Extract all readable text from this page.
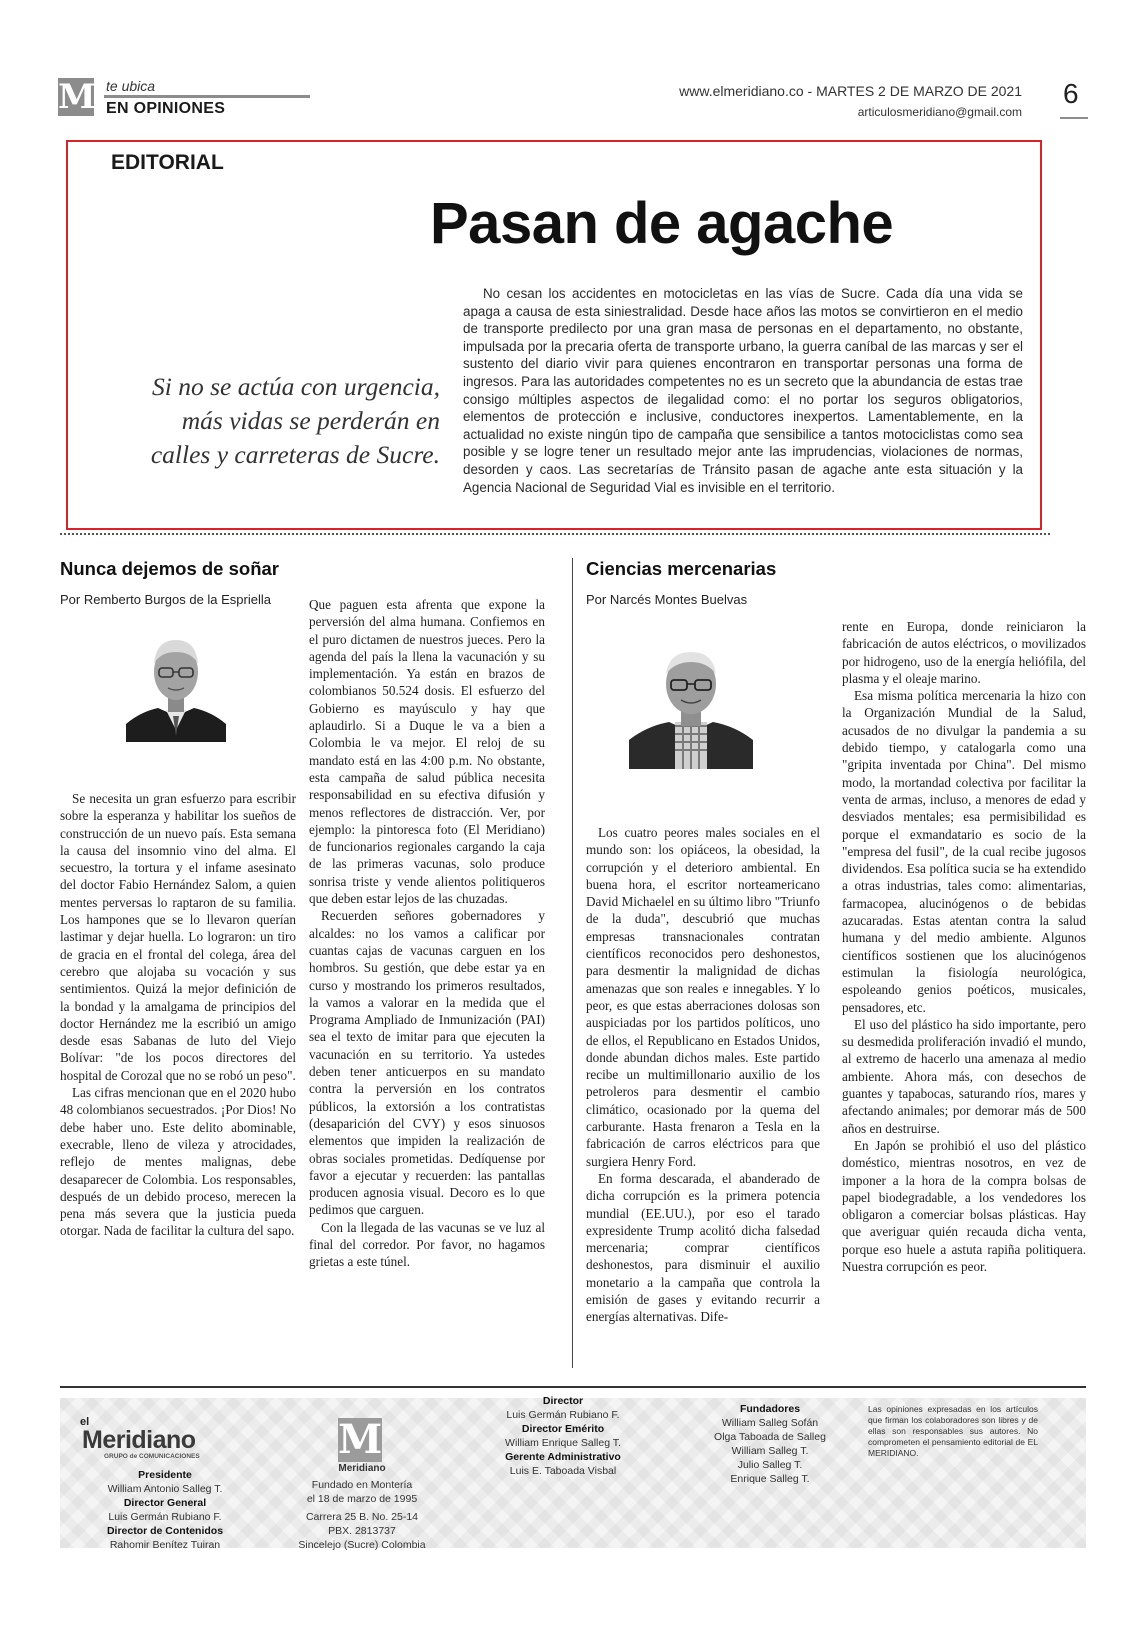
M te ubica
EN OPINIONES
www.elmeridiano.co - MARTES 2 DE MARZO DE 2021
articulosmeridiano@gmail.com
6
EDITORIAL
Pasan de agache
Si no se actúa con urgencia, más vidas se perderán en calles y carreteras de Sucre.
No cesan los accidentes en motocicletas en las vías de Sucre. Cada día una vida se apaga a causa de esta siniestralidad. Desde hace años las motos se convirtieron en el medio de transporte predilecto por una gran masa de personas en el departamento, no obstante, impulsada por la precaria oferta de transporte urbano, la guerra caníbal de las marcas y ser el sustento del diario vivir para quienes encontraron en transportar personas una forma de ingresos. Para las autoridades competentes no es un secreto que la abundancia de estas trae consigo múltiples aspectos de ilegalidad como: el no portar los seguros obligatorios, elementos de protección e inclusive, conductores inexpertos. Lamentablemente, en la actualidad no existe ningún tipo de campaña que sensibilice a tantos motociclistas como sea posible y se logre tener un resultado mejor ante las imprudencias, violaciones de normas, desorden y caos. Las secretarías de Tránsito pasan de agache ante esta situación y la Agencia Nacional de Seguridad Vial es invisible en el territorio.
Nunca dejemos de soñar
Por Remberto Burgos de la Espriella

Se necesita un gran esfuerzo para escribir sobre la esperanza y habilitar los sueños de construcción de un nuevo país. Esta semana la causa del insomnio vino del alma. El secuestro, la tortura y el infame asesinato del doctor Fabio Hernández Salom, a quien mentes perversas lo raptaron de su familia. Los hampones que se lo llevaron querían lastimar y dejar huella. Lo lograron: un tiro de gracia en el frontal del colega, área del cerebro que alojaba su vocación y sus sentimientos. Quizá la mejor definición de la bondad y la amalgama de principios del doctor Hernández me la escribió un amigo desde esas Sabanas de luto del Viejo Bolívar: "de los pocos directores del hospital de Corozal que no se robó un peso".

Las cifras mencionan que en el 2020 hubo 48 colombianos secuestrados. ¡Por Dios! No debe haber uno. Este delito abominable, execrable, lleno de vileza y atrocidades, reflejo de mentes malignas, debe desaparecer de Colombia. Los responsables, después de un debido proceso, merecen la pena más severa que la justicia pueda otorgar. Nada de facilitar la cultura del sapo.

Que paguen esta afrenta que expone la perversión del alma humana. Confiemos en el puro dictamen de nuestros jueces. Pero la agenda del país la llena la vacunación y su implementación. Ya están en brazos de colombianos 50.524 dosis. El esfuerzo del Gobierno es mayúsculo y hay que aplaudirlo. Si a Duque le va a bien a Colombia le va mejor. El reloj de su mandato está en las 4:00 p.m. No obstante, esta campaña de salud pública necesita responsabilidad en su efectiva difusión y menos reflectores de distracción. Ver, por ejemplo: la pintoresca foto (El Meridiano) de funcionarios regionales cargando la caja de las primeras vacunas, solo produce sonrisa triste y vende alientos politiqueros que deben estar lejos de las chuzadas.

Recuerden señores gobernadores y alcaldes: no los vamos a calificar por cuantas cajas de vacunas carguen en los hombros. Su gestión, que debe estar ya en curso y mostrando los primeros resultados, la vamos a valorar en la medida que el Programa Ampliado de Inmunización (PAI) sea el texto de imitar para que ejecuten la vacunación en su territorio. Ya ustedes deben tener anticuerpos en su mandato contra la perversión en los contratos públicos, la extorsión a los contratistas (desaparición del CVY) y esos sinuosos elementos que impiden la realización de obras sociales prometidas. Dedíquense por favor a ejecutar y recuerden: las pantallas producen agnosia visual. Decoro es lo que pedimos que carguen.

Con la llegada de las vacunas se ve luz al final del corredor. Por favor, no hagamos grietas a este túnel.

Ciencias mercenarias
Por Narcés Montes Buelvas

Los cuatro peores males sociales en el mundo son: los opiáceos, la obesidad, la corrupción y el deterioro ambiental. En buena hora, el escritor norteamericano David Michaelel en su último libro "Triunfo de la duda", descubrió que muchas empresas transnacionales contratan científicos reconocidos pero deshonestos, para desmentir la malignidad de dichas amenazas que son reales e innegables. Y lo peor, es que estas aberraciones dolosas son auspiciadas por los partidos políticos, uno de ellos, el Republicano en Estados Unidos, donde abundan dichos males. Este partido recibe un multimillonario auxilio de los petroleros para desmentir el cambio climático, ocasionado por la quema del carburante. Hasta frenaron a Tesla en la fabricación de carros eléctricos para que surgiera Henry Ford.

En forma descarada, el abanderado de dicha corrupción es la primera potencia mundial (EE.UU.), por eso el tarado expresidente Trump acolitó dicha falsedad mercenaria; comprar científicos deshonestos, para disminuir el auxilio monetario a la campaña que controla la emisión de gases y evitando recurrir a energías alternativas. Dife-

rente en Europa, donde reiniciaron la fabricación de autos eléctricos, o movilizados por hidrogeno, uso de la energía heliófila, del plasma y el oleaje marino.

Esa misma política mercenaria la hizo con la Organización Mundial de la Salud, acusados de no divulgar la pandemia a su debido tiempo, y catalogarla como una "gripita inventada por China". Del mismo modo, la mortandad colectiva por facilitar la venta de armas, incluso, a menores de edad y desviados mentales; esa permisibilidad es porque el exmandatario es socio de la "empresa del fusil", de la cual recibe jugosos dividendos. Esa política sucia se ha extendido a otras industrias, tales como: alimentarias, farmacopea, alucinógenos o de bebidas azucaradas. Estas atentan contra la salud humana y del medio ambiente. Algunos científicos sostienen que los alucinógenos estimulan la fisiología neurológica, espoleando genios poéticos, musicales, pensadores, etc.

El uso del plástico ha sido importante, pero su desmedida proliferación invadió el mundo, al extremo de hacerlo una amenaza al medio ambiente. Ahora más, con desechos de guantes y tapabocas, saturando ríos, mares y afectando animales; por demorar más de 500 años en destruirse.

En Japón se prohibió el uso del plástico doméstico, mientras nosotros, en vez de imponer a la hora de la compra bolsas de papel biodegradable, a los vendedores los obligaron a comerciar bolsas plásticas. Hay que averiguar quién recauda dicha venta, porque eso huele a astuta rapiña politiquera. Nuestra corrupción es peor.

el
Meridiano
GRUPO de COMUNICACIONES
Presidente
William Antonio Salleg T.
Director General
Luis Germán Rubiano F.
Director de Contenidos
Rahomir Benítez Tuiran
M
Meridiano
Fundado en Montería
el 18 de marzo de 1995
Carrera 25 B. No. 25-14
PBX. 2813737
Sincelejo (Sucre) Colombia
Director
Luis Germán Rubiano F.
Director Emérito
William Enrique Salleg T.
Gerente Administrativo
Luis E. Taboada Visbal
Fundadores
William Salleg Sofán
Olga Taboada de Salleg
William Salleg T.
Julio Salleg T.
Enrique Salleg T.
Las opiniones expresadas en los artículos que firman los colaboradores son libres y de ellas son responsables sus autores. No comprometen el pensamiento editorial de EL MERIDIANO.
